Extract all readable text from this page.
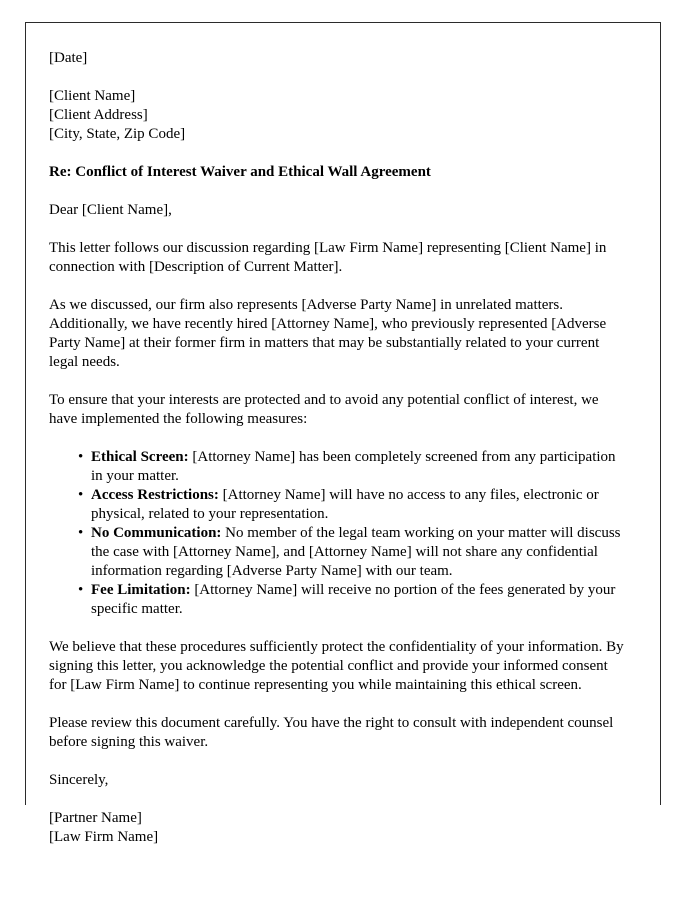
[Date]

[Client Name]
[Client Address]
[City, State, Zip Code]

Re: Conflict of Interest Waiver and Ethical Wall Agreement

Dear [Client Name],

This letter follows our discussion regarding [Law Firm Name] representing [Client Name] in connection with [Description of Current Matter].

As we discussed, our firm also represents [Adverse Party Name] in unrelated matters. Additionally, we have recently hired [Attorney Name], who previously represented [Adverse Party Name] at their former firm in matters that may be substantially related to your current legal needs.

To ensure that your interests are protected and to avoid any potential conflict of interest, we have implemented the following measures:

• Ethical Screen: [Attorney Name] has been completely screened from any participation in your matter.
• Access Restrictions: [Attorney Name] will have no access to any files, electronic or physical, related to your representation.
• No Communication: No member of the legal team working on your matter will discuss the case with [Attorney Name], and [Attorney Name] will not share any confidential information regarding [Adverse Party Name] with our team.
• Fee Limitation: [Attorney Name] will receive no portion of the fees generated by your specific matter.

We believe that these procedures sufficiently protect the confidentiality of your information. By signing this letter, you acknowledge the potential conflict and provide your informed consent for [Law Firm Name] to continue representing you while maintaining this ethical screen.

Please review this document carefully. You have the right to consult with independent counsel before signing this waiver.

Sincerely,

[Partner Name]
[Law Firm Name]
